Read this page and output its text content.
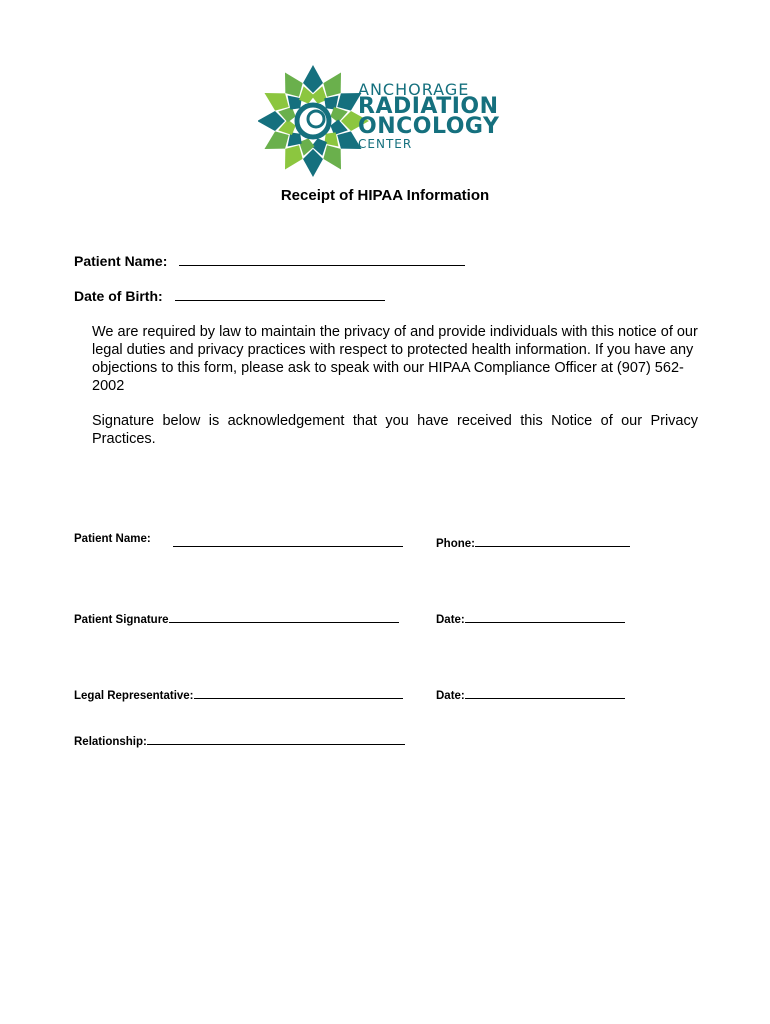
ANCHORAGE
RADIATION
ONCOLOGY
CENTER
Receipt of HIPAA Information
Patient Name:
Date of Birth:

We are required by law to maintain the privacy of and provide individuals with this notice of our legal duties and privacy practices with respect to protected health information. If you have any objections to this form, please ask to speak with our HIPAA Compliance Officer at (907) 562-2002

Signature below is acknowledgement that you have received this Notice of our Privacy Practices.

Patient Name:	Phone:
Patient Signature	Date:
Legal Representative:	Date:
Relationship:
